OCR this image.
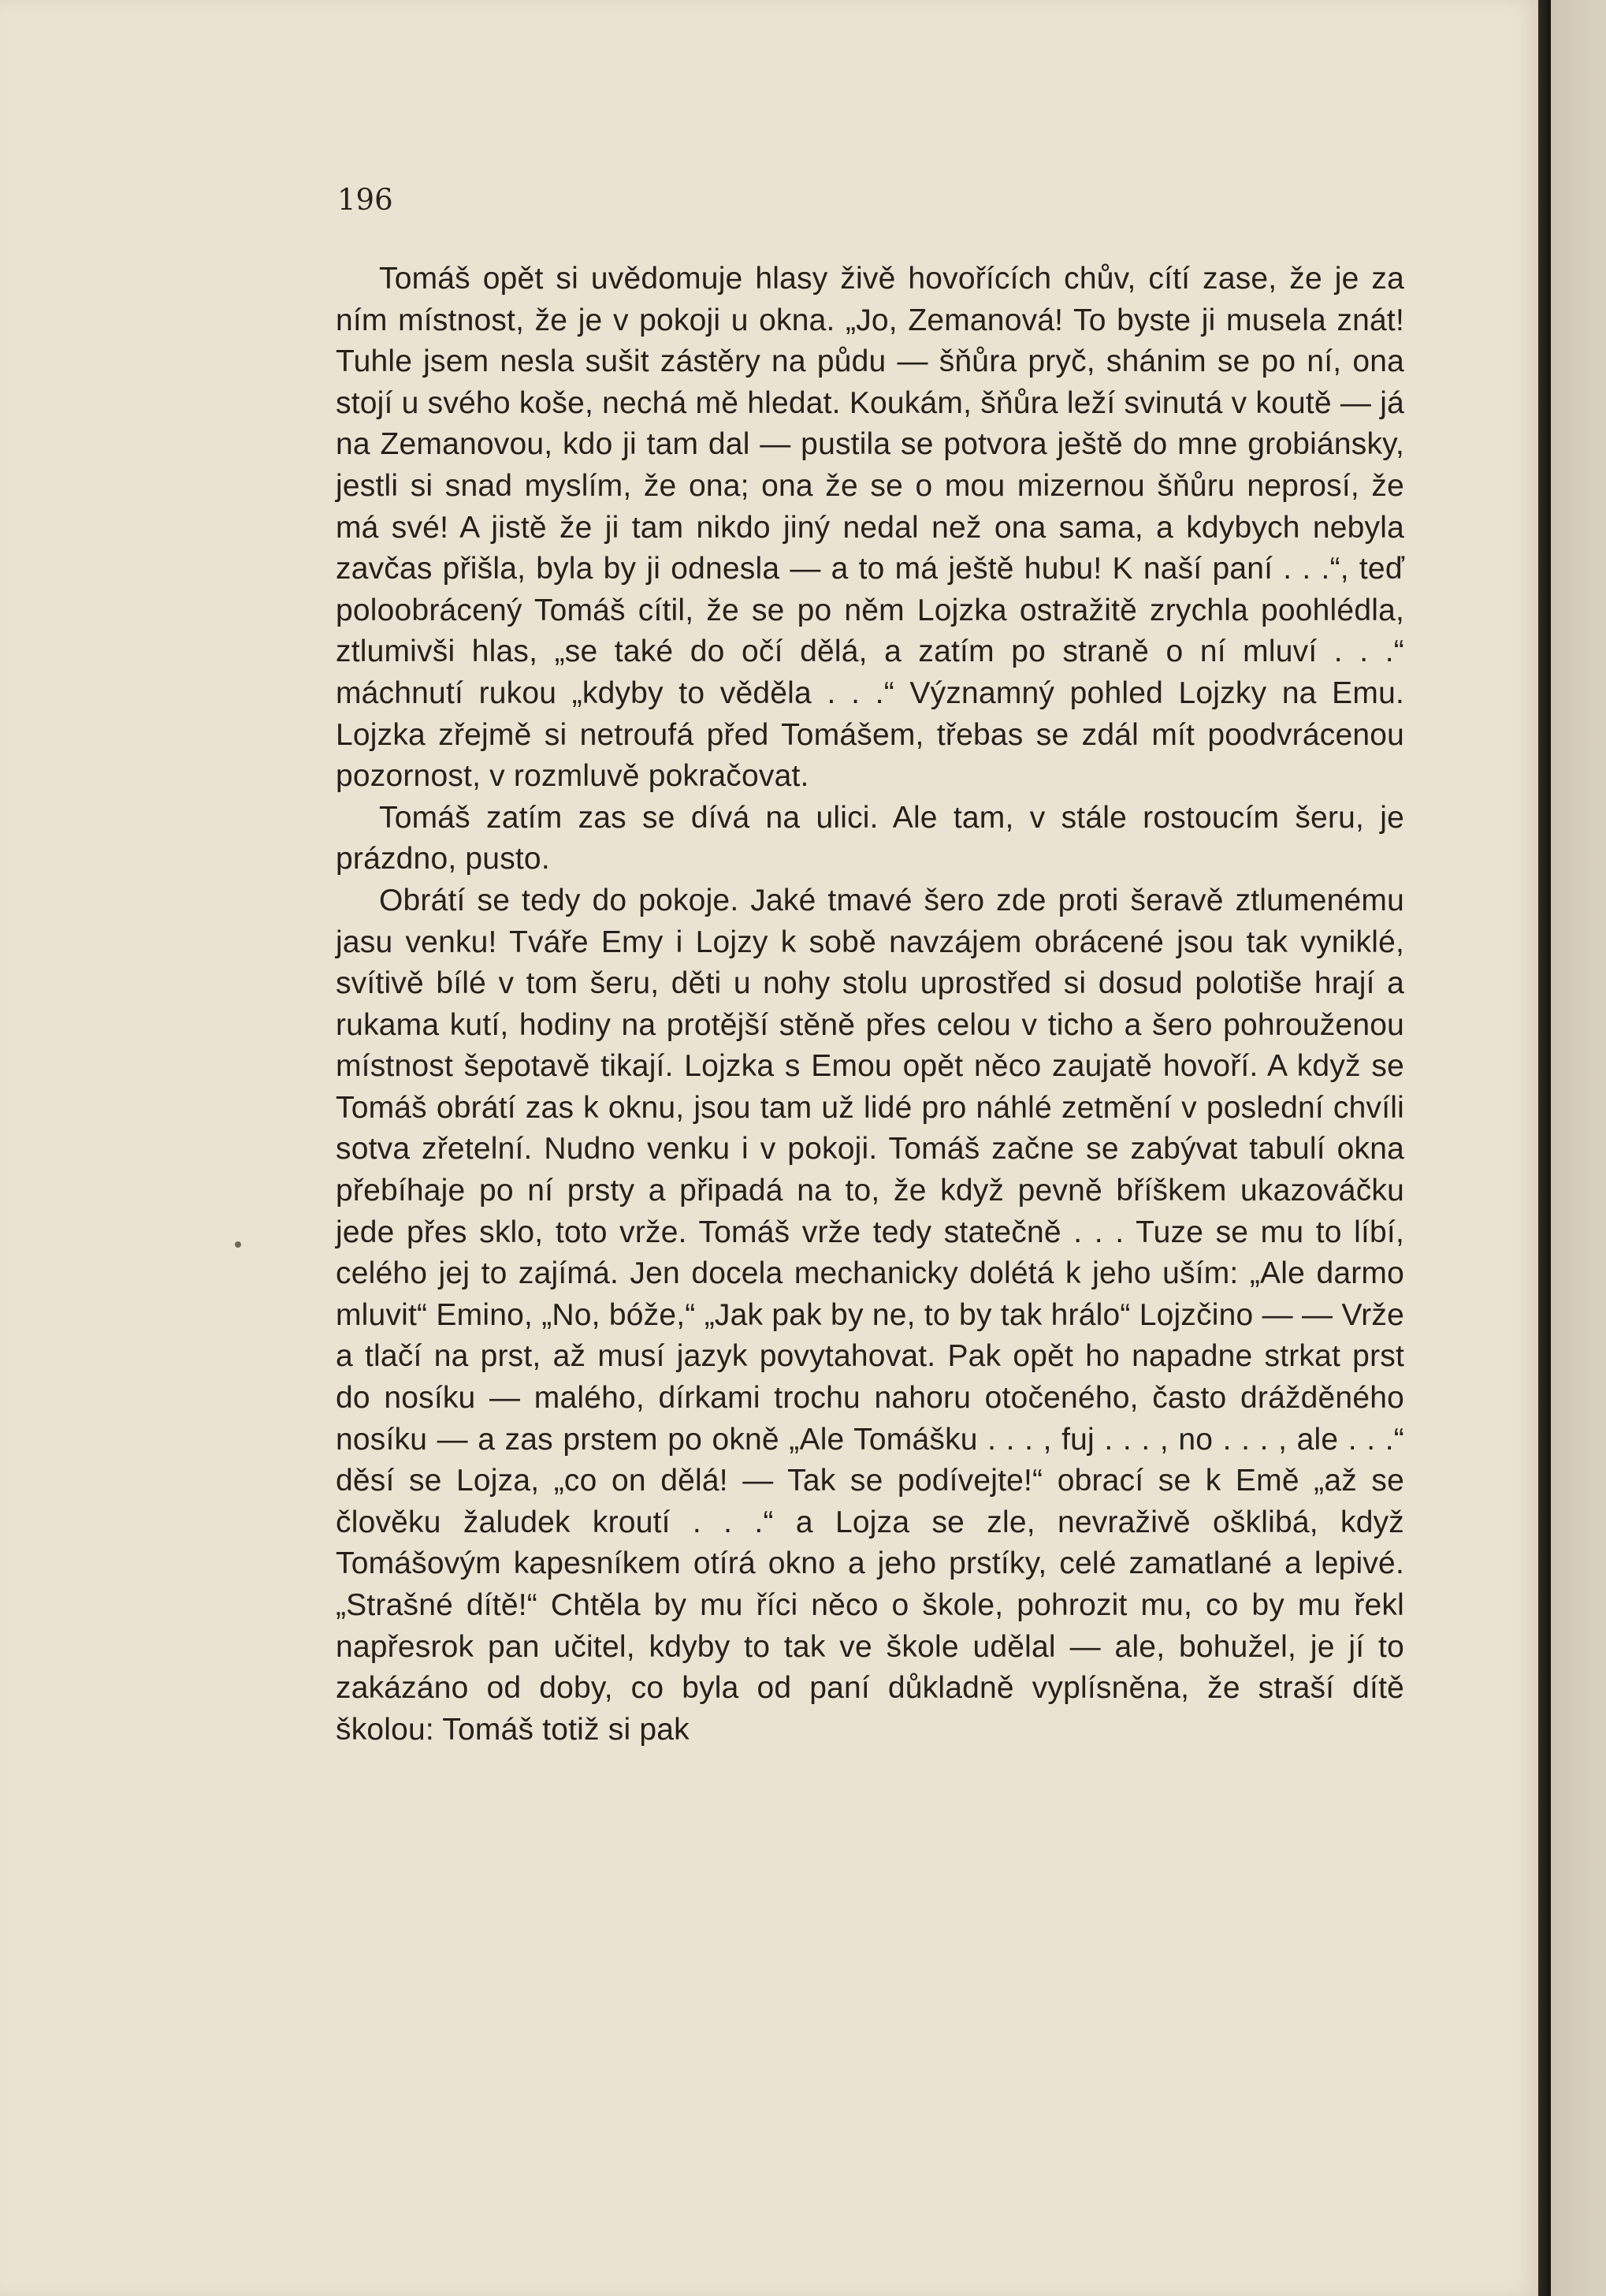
196

Tomáš opět si uvědomuje hlasy živě hovořících chův, cítí zase, že je za ním místnost, že je v pokoji u okna. „Jo, Zemanová! To byste ji musela znát! Tuhle jsem nesla sušit zástěry na půdu — šňůra pryč, shánim se po ní, ona stojí u svého koše, nechá mě hledat. Koukám, šňůra leží svinutá v koutě — já na Zemanovou, kdo ji tam dal — pustila se potvora ještě do mne grobiánsky, jestli si snad myslím, že ona; ona že se o mou mizernou šňůru neprosí, že má své! A jistě že ji tam nikdo jiný nedal než ona sama, a kdybych nebyla zavčas přišla, byla by ji odnesla — a to má ještě hubu! K naší paní . . .“, teď poloobrácený Tomáš cítil, že se po něm Lojzka ostražitě zrychla poohlédla, ztlumivši hlas, „se také do očí dělá, a zatím po straně o ní mluví . . .“ máchnutí rukou „kdyby to věděla . . .“ Významný pohled Lojzky na Emu. Lojzka zřejmě si netroufá před Tomášem, třebas se zdál mít poodvrácenou pozornost, v rozmluvě pokračovat.

Tomáš zatím zas se dívá na ulici. Ale tam, v stále rostoucím šeru, je prázdno, pusto.

Obrátí se tedy do pokoje. Jaké tmavé šero zde proti šeravě ztlumenému jasu venku! Tváře Emy i Lojzy k sobě navzájem obrácené jsou tak vyniklé, svítivě bílé v tom šeru, děti u nohy stolu uprostřed si dosud polotiše hrají a rukama kutí, hodiny na protější stěně přes celou v ticho a šero pohrouženou místnost šepotavě tikají. Lojzka s Emou opět něco zaujatě hovoří. A když se Tomáš obrátí zas k oknu, jsou tam už lidé pro náhlé zetmění v poslední chvíli sotva zřetelní. Nudno venku i v pokoji. Tomáš začne se zabývat tabulí okna přebíhaje po ní prsty a připadá na to, že když pevně bříškem ukazováčku jede přes sklo, toto vrže. Tomáš vrže tedy statečně . . . Tuze se mu to líbí, celého jej to zajímá. Jen docela mechanicky dolétá k jeho uším: „Ale darmo mluvit“ Emino, „No, bóže,“ „Jak pak by ne, to by tak hrálo“ Lojzčino — — Vrže a tlačí na prst, až musí jazyk povytahovat. Pak opět ho napadne strkat prst do nosíku — malého, dírkami trochu nahoru otočeného, často drážděného nosíku — a zas prstem po okně „Ale Tomášku . . . , fuj . . . , no . . . , ale . . .“ děsí se Lojza, „co on dělá! — Tak se podívejte!“ obrací se k Emě „až se člověku žaludek kroutí . . .“ a Lojza se zle, nevraživě ošklibá, když Tomášovým kapesníkem otírá okno a jeho prstíky, celé zamatlané a lepivé. „Strašné dítě!“ Chtěla by mu říci něco o škole, pohrozit mu, co by mu řekl napřesrok pan učitel, kdyby to tak ve škole udělal — ale, bohužel, je jí to zakázáno od doby, co byla od paní důkladně vyplísněna, že straší dítě školou: Tomáš totiž si pak
